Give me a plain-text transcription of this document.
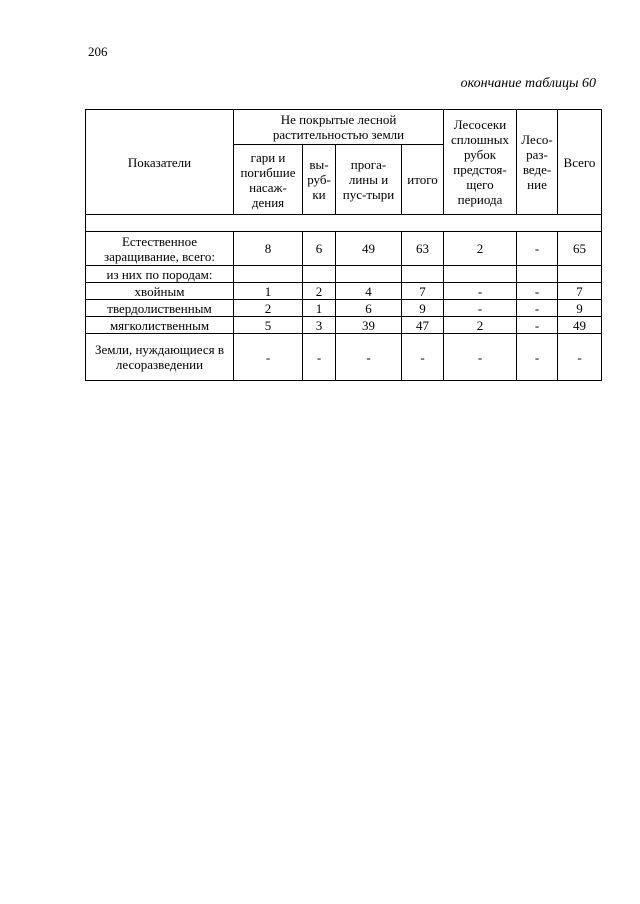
206
окончание таблицы 60
Показатели	Не покрытые лесной растительностью земли				Лесосеки сплошных рубок предстоя-щего периода	Лесо-раз-веде-ние	Всего
	гари и погибшие насаж-дения	вы-руб-ки	прога-лины и пус-тыри	итого			

Естественное заращивание, всего:	8	6	49	63	2	-	65
из них по породам:							
хвойным	1	2	4	7	-	-	7
твердолиственным	2	1	6	9	-	-	9
мягколиственным	5	3	39	47	2	-	49
Земли, нуждающиеся в лесоразведении	-	-	-	-	-	-	-
